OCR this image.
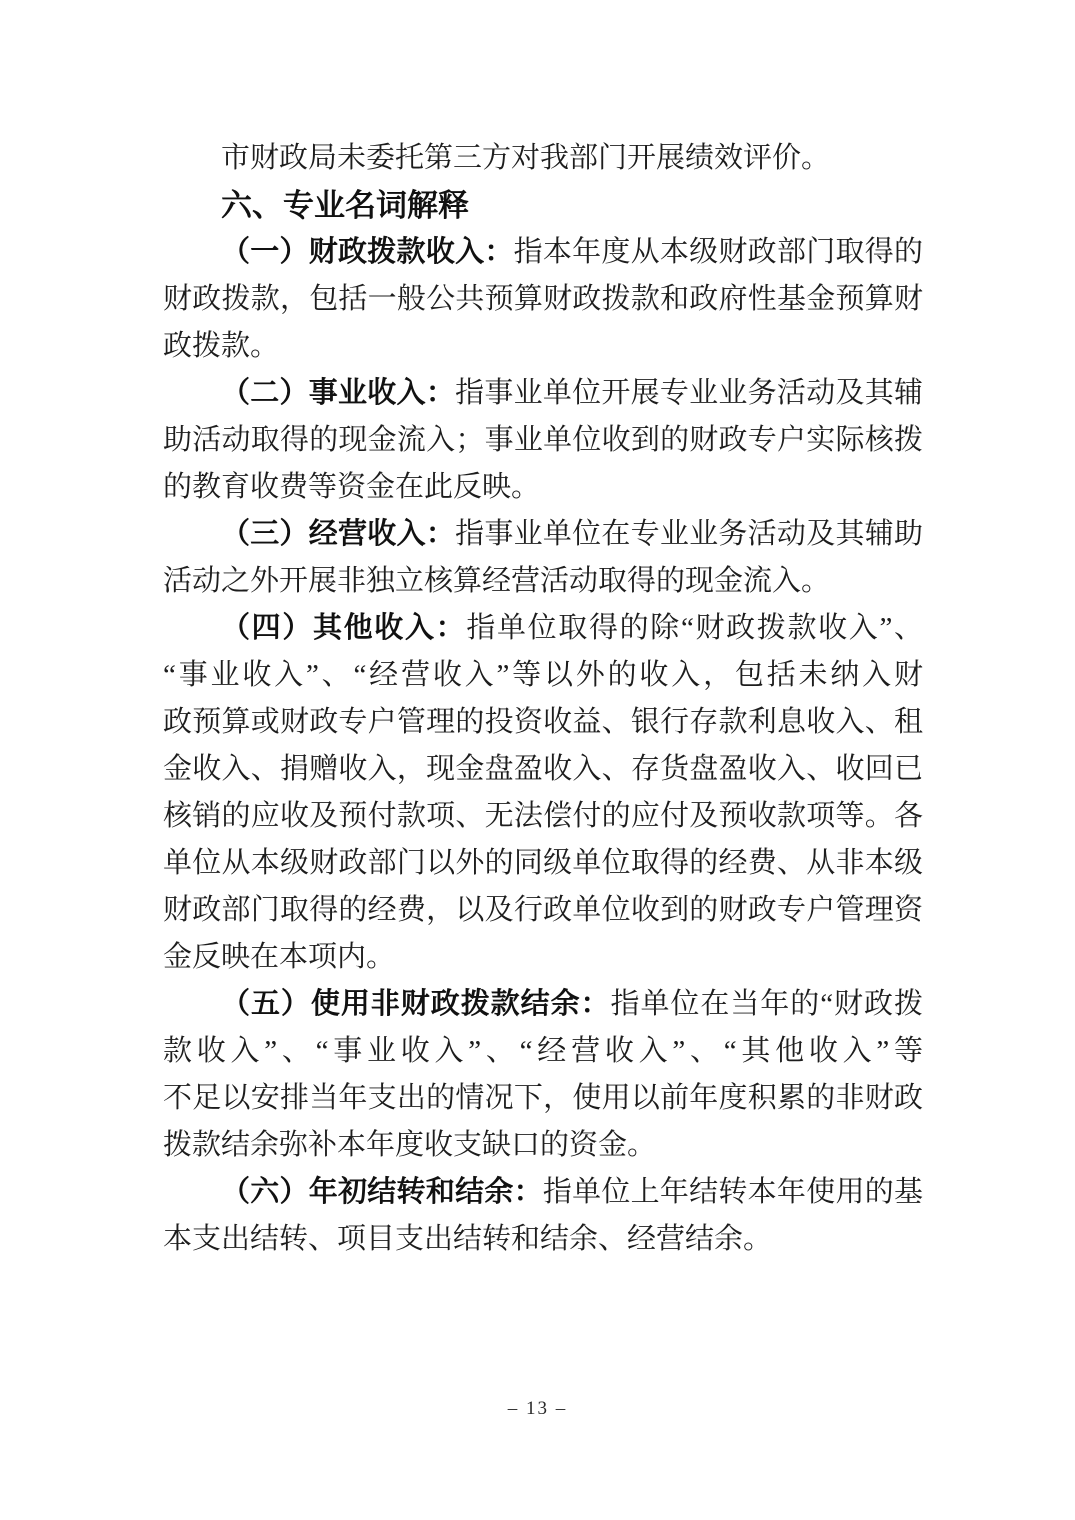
市财政局未委托第三方对我部门开展绩效评价。
六、专业名词解释
（一）财政拨款收入：指本年度从本级财政部门取得的
财政拨款，包括一般公共预算财政拨款和政府性基金预算财
政拨款。
（二）事业收入：指事业单位开展专业业务活动及其辅
助活动取得的现金流入；事业单位收到的财政专户实际核拨
的教育收费等资金在此反映。
（三）经营收入：指事业单位在专业业务活动及其辅助
活动之外开展非独立核算经营活动取得的现金流入。
（四）其他收入：指单位取得的除“财政拨款收入”、
“事业收入”、“经营收入”等以外的收入，包括未纳入财
政预算或财政专户管理的投资收益、银行存款利息收入、租
金收入、捐赠收入，现金盘盈收入、存货盘盈收入、收回已
核销的应收及预付款项、无法偿付的应付及预收款项等。各
单位从本级财政部门以外的同级单位取得的经费、从非本级
财政部门取得的经费，以及行政单位收到的财政专户管理资
金反映在本项内。
（五）使用非财政拨款结余：指单位在当年的“财政拨
款收入”、“事业收入”、“经营收入”、“其他收入”等
不足以安排当年支出的情况下，使用以前年度积累的非财政
拨款结余弥补本年度收支缺口的资金。
（六）年初结转和结余：指单位上年结转本年使用的基
本支出结转、项目支出结转和结余、经营结余。
– 13 –
